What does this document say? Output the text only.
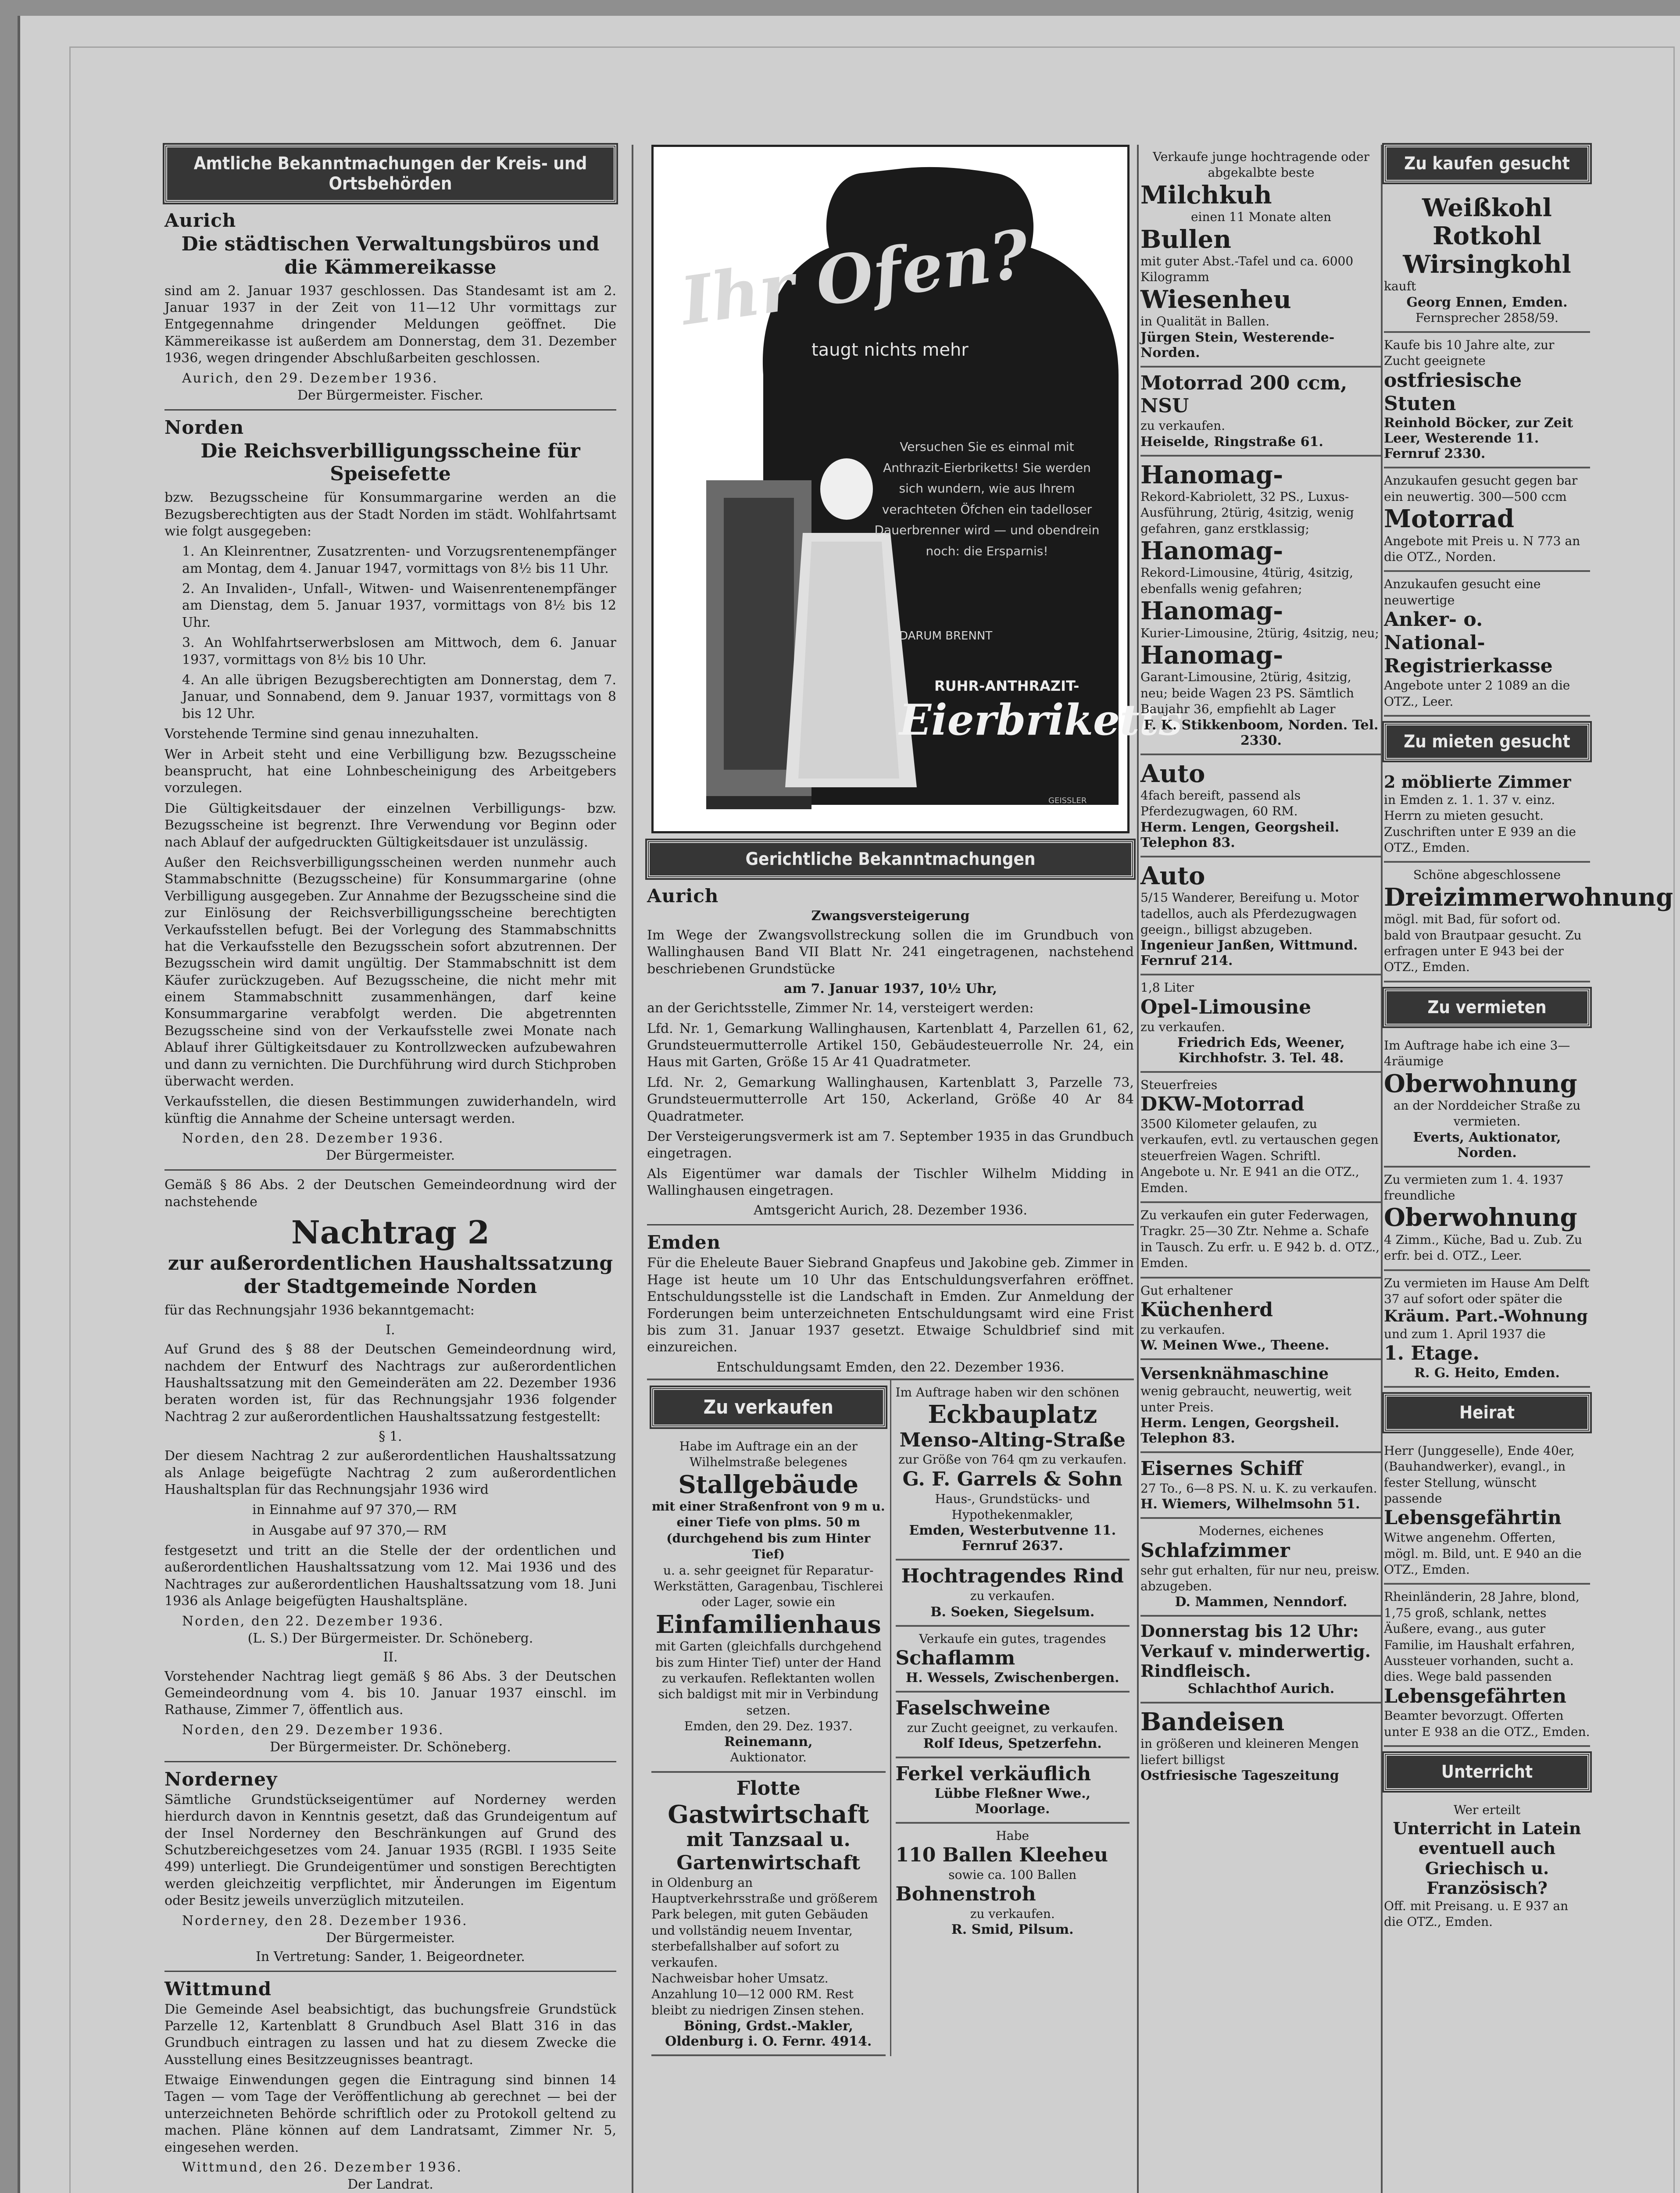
Amtliche Bekanntmachungen der Kreis- und Ortsbehörden
Aurich
Die städtischen Verwaltungsbüros und die Kämmereikasse

sind am 2. Januar 1937 geschlossen. Das Standesamt ist am 2. Januar 1937 in der Zeit von 11—12 Uhr vormittags zur Entgegennahme dringender Meldungen geöffnet. Die Kämmereikasse ist außerdem am Donnerstag, dem 31. Dezember 1936, wegen dringender Abschlußarbeiten geschlossen.

Aurich, den 29. Dezember 1936.
Der Bürgermeister. Fischer.
Norden
Die Reichsverbilligungsscheine für Speisefette

bzw. Bezugsscheine für Konsummargarine werden an die Bezugsberechtigten aus der Stadt Norden im städt. Wohlfahrtsamt wie folgt ausgegeben:

1. An Kleinrentner, Zusatzrenten- und Vorzugsrentenempfänger am Montag, dem 4. Januar 1947, vormittags von 8½ bis 11 Uhr.

2. An Invaliden-, Unfall-, Witwen- und Waisenrentenempfänger am Dienstag, dem 5. Januar 1937, vormittags von 8½ bis 12 Uhr.

3. An Wohlfahrtserwerbslosen am Mittwoch, dem 6. Januar 1937, vormittags von 8½ bis 10 Uhr.

4. An alle übrigen Bezugsberechtigten am Donnerstag, dem 7. Januar, und Sonnabend, dem 9. Januar 1937, vormittags von 8 bis 12 Uhr.

Vorstehende Termine sind genau innezuhalten.

Wer in Arbeit steht und eine Verbilligung bzw. Bezugsscheine beansprucht, hat eine Lohnbescheinigung des Arbeitgebers vorzulegen.

Die Gültigkeitsdauer der einzelnen Verbilligungs- bzw. Bezugsscheine ist begrenzt. Ihre Verwendung vor Beginn oder nach Ablauf der aufgedruckten Gültigkeitsdauer ist unzulässig.

Außer den Reichsverbilligungsscheinen werden nunmehr auch Stammabschnitte (Bezugsscheine) für Konsummargarine (ohne Verbilligung ausgegeben. Zur Annahme der Bezugsscheine sind die zur Einlösung der Reichsverbilligungsscheine berechtigten Verkaufsstellen befugt. Bei der Vorlegung des Stammabschnitts hat die Verkaufsstelle den Bezugsschein sofort abzutrennen. Der Bezugsschein wird damit ungültig. Der Stammabschnitt ist dem Käufer zurückzugeben. Auf Bezugsscheine, die nicht mehr mit einem Stammabschnitt zusammenhängen, darf keine Konsummargarine verabfolgt werden. Die abgetrennten Bezugsscheine sind von der Verkaufsstelle zwei Monate nach Ablauf ihrer Gültigkeitsdauer zu Kontrollzwecken aufzubewahren und dann zu vernichten. Die Durchführung wird durch Stichproben überwacht werden.

Verkaufsstellen, die diesen Bestimmungen zuwiderhandeln, wird künftig die Annahme der Scheine untersagt werden.

Norden, den 28. Dezember 1936.
Der Bürgermeister.

Gemäß § 86 Abs. 2 der Deutschen Gemeindeordnung wird der nachstehende

Nachtrag 2
zur außerordentlichen Haushaltssatzung der Stadtgemeinde Norden

für das Rechnungsjahr 1936 bekanntgemacht:

I.

Auf Grund des § 88 der Deutschen Gemeindeordnung wird, nachdem der Entwurf des Nachtrags zur außerordentlichen Haushaltssatzung mit den Gemeinderäten am 22. Dezember 1936 beraten worden ist, für das Rechnungsjahr 1936 folgender Nachtrag 2 zur außerordentlichen Haushaltssatzung festgestellt:

§ 1.

Der diesem Nachtrag 2 zur außerordentlichen Haushaltssatzung als Anlage beigefügte Nachtrag 2 zum außerordentlichen Haushaltsplan für das Rechnungsjahr 1936 wird

in Einnahme auf 97 370,— RM

in Ausgabe auf 97 370,— RM

festgesetzt und tritt an die Stelle der der ordentlichen und außerordentlichen Haushaltssatzung vom 12. Mai 1936 und des Nachtrages zur außerordentlichen Haushaltssatzung vom 18. Juni 1936 als Anlage beigefügten Haushaltspläne.

Norden, den 22. Dezember 1936.
(L. S.) Der Bürgermeister. Dr. Schöneberg.
II.

Vorstehender Nachtrag liegt gemäß § 86 Abs. 3 der Deutschen Gemeindeordnung vom 4. bis 10. Januar 1937 einschl. im Rathause, Zimmer 7, öffentlich aus.

Norden, den 29. Dezember 1936.
Der Bürgermeister. Dr. Schöneberg.
Norderney

Sämtliche Grundstückseigentümer auf Norderney werden hierdurch davon in Kenntnis gesetzt, daß das Grundeigentum auf der Insel Norderney den Beschränkungen auf Grund des Schutzbereichgesetzes vom 24. Januar 1935 (RGBl. I 1935 Seite 499) unterliegt. Die Grundeigentümer und sonstigen Berechtigten werden gleichzeitig verpflichtet, mir Änderungen im Eigentum oder Besitz jeweils unverzüglich mitzuteilen.

Norderney, den 28. Dezember 1936.
Der Bürgermeister.
In Vertretung: Sander, 1. Beigeordneter.
Wittmund

Die Gemeinde Asel beabsichtigt, das buchungsfreie Grundstück Parzelle 12, Kartenblatt 8 Grundbuch Asel Blatt 316 in das Grundbuch eintragen zu lassen und hat zu diesem Zwecke die Ausstellung eines Besitzzeugnisses beantragt.

Etwaige Einwendungen gegen die Eintragung sind binnen 14 Tagen — vom Tage der Veröffentlichung ab gerechnet — bei der unterzeichneten Behörde schriftlich oder zu Protokoll geltend zu machen. Pläne können auf dem Landratsamt, Zimmer Nr. 5, eingesehen werden.

Wittmund, den 26. Dezember 1936.
Der Landrat.
Ihr Ofen?
taugt nichts mehr
Versuchen Sie es einmal mit Anthrazit-Eierbriketts! Sie werden sich wundern, wie aus Ihrem verachteten Öfchen ein tadelloser Dauerbrenner wird — und obendrein noch: die Ersparnis!
DARUM BRENNT
RUHR-ANTHRAZIT-
Eierbriketts
GEISSLER
Gerichtliche Bekanntmachungen
Aurich
Zwangsversteigerung

Im Wege der Zwangsvollstreckung sollen die im Grundbuch von Wallinghausen Band VII Blatt Nr. 241 eingetragenen, nachstehend beschriebenen Grundstücke

am 7. Januar 1937, 10½ Uhr,

an der Gerichtsstelle, Zimmer Nr. 14, versteigert werden:

Lfd. Nr. 1, Gemarkung Wallinghausen, Kartenblatt 4, Parzellen 61, 62, Grundsteuermutterrolle Artikel 150, Gebäudesteuerrolle Nr. 24, ein Haus mit Garten, Größe 15 Ar 41 Quadratmeter.

Lfd. Nr. 2, Gemarkung Wallinghausen, Kartenblatt 3, Parzelle 73, Grundsteuermutterrolle Art 150, Ackerland, Größe 40 Ar 84 Quadratmeter.

Der Versteigerungsvermerk ist am 7. September 1935 in das Grundbuch eingetragen.

Als Eigentümer war damals der Tischler Wilhelm Midding in Wallinghausen eingetragen.

Amtsgericht Aurich, 28. Dezember 1936.
Emden

Für die Eheleute Bauer Siebrand Gnapfeus und Jakobine geb. Zimmer in Hage ist heute um 10 Uhr das Entschuldungsverfahren eröffnet. Entschuldungsstelle ist die Landschaft in Emden. Zur Anmeldung der Forderungen beim unterzeichneten Entschuldungsamt wird eine Frist bis zum 31. Januar 1937 gesetzt. Etwaige Schuldbrief sind mit einzureichen.

Entschuldungsamt Emden, den 22. Dezember 1936.
Zu verkaufen
Habe im Auftrage ein an der Wilhelmstraße belegenes
Stallgebäude
mit einer Straßenfront von 9 m u. einer Tiefe von plms. 50 m (durchgehend bis zum Hinter Tief)
u. a. sehr geeignet für Reparatur-Werkstätten, Garagenbau, Tischlerei oder Lager, sowie ein
Einfamilienhaus
mit Garten (gleichfalls durchgehend bis zum Hinter Tief) unter der Hand zu verkaufen. Reflektanten wollen sich baldigst mit mir in Verbindung setzen.
Emden, den 29. Dez. 1937.
Reinemann,
Auktionator.
Flotte
Gastwirtschaft
mit Tanzsaal u. Gartenwirtschaft
in Oldenburg an Hauptverkehrsstraße und größerem Park belegen, mit guten Gebäuden und vollständig neuem Inventar, sterbefallshalber auf sofort zu verkaufen.
Nachweisbar hoher Umsatz. Anzahlung 10—12 000 RM. Rest bleibt zu niedrigen Zinsen stehen.
Böning, Grdst.-Makler,
Oldenburg i. O. Fernr. 4914.
Im Auftrage haben wir den schönen
Eckbauplatz
Menso-Alting-Straße
zur Größe von 764 qm zu verkaufen.
G. F. Garrels & Sohn
Haus-, Grundstücks- und Hypothekenmakler,
Emden, Westerbutvenne 11. Fernruf 2637.
Hochtragendes Rind
zu verkaufen.
B. Soeken, Siegelsum.
Verkaufe ein gutes, tragendes
Schaflamm
H. Wessels, Zwischenbergen.
Faselschweine
zur Zucht geeignet, zu verkaufen.
Rolf Ideus, Spetzerfehn.
Ferkel verkäuflich
Lübbe Fleßner Wwe.,
Moorlage.
Habe
110 Ballen Kleeheu
sowie ca. 100 Ballen
Bohnenstroh
zu verkaufen.
R. Smid, Pilsum.
Verkaufe junge hochtragende oder abgekalbte beste
Milchkuh
einen 11 Monate alten
Bullen
mit guter Abst.-Tafel und ca. 6000 Kilogramm
Wiesenheu
in Qualität in Ballen.
Jürgen Stein, Westerende-Norden.
Motorrad 200 ccm, NSU
zu verkaufen.
Heiselde, Ringstraße 61.
Hanomag-
Rekord-Kabriolett, 32 PS., Luxus-Ausführung, 2türig, 4sitzig, wenig gefahren, ganz erstklassig;
Hanomag-
Rekord-Limousine, 4türig, 4sitzig, ebenfalls wenig gefahren;
Hanomag-
Kurier-Limousine, 2türig, 4sitzig, neu;
Hanomag-
Garant-Limousine, 2türig, 4sitzig, neu; beide Wagen 23 PS. Sämtlich Baujahr 36, empfiehlt ab Lager
F. K. Stikkenboom, Norden. Tel. 2330.
Auto
4fach bereift, passend als Pferdezugwagen, 60 RM.
Herm. Lengen, Georgsheil. Telephon 83.
Auto
5/15 Wanderer, Bereifung u. Motor tadellos, auch als Pferdezugwagen geeign., billigst abzugeben.
Ingenieur Janßen, Wittmund. Fernruf 214.
1,8 Liter
Opel-Limousine
zu verkaufen.
Friedrich Eds, Weener, Kirchhofstr. 3. Tel. 48.
Steuerfreies
DKW-Motorrad
3500 Kilometer gelaufen, zu verkaufen, evtl. zu vertauschen gegen steuerfreien Wagen. Schriftl. Angebote u. Nr. E 941 an die OTZ., Emden.
Zu verkaufen ein guter Federwagen, Tragkr. 25—30 Ztr. Nehme a. Schafe in Tausch. Zu erfr. u. E 942 b. d. OTZ., Emden.
Gut erhaltener
Küchenherd
zu verkaufen.
W. Meinen Wwe., Theene.
Versenknähmaschine
wenig gebraucht, neuwertig, weit unter Preis.
Herm. Lengen, Georgsheil. Telephon 83.
Eisernes Schiff
27 To., 6—8 PS. N. u. K. zu verkaufen.
H. Wiemers, Wilhelmsohn 51.
Modernes, eichenes
Schlafzimmer
sehr gut erhalten, für nur neu, preisw. abzugeben.
D. Mammen, Nenndorf.
Donnerstag bis 12 Uhr: Verkauf v. minderwertig. Rindfleisch.
Schlachthof Aurich.
Bandeisen
in größeren und kleineren Mengen liefert billigst
Ostfriesische Tageszeitung
Zu kaufen gesucht
Weißkohl
Rotkohl
Wirsingkohl
kauft
Georg Ennen, Emden.
Fernsprecher 2858/59.
Kaufe bis 10 Jahre alte, zur Zucht geeignete
ostfriesische Stuten
Reinhold Böcker, zur Zeit Leer, Westerende 11. Fernruf 2330.
Anzukaufen gesucht gegen bar ein neuwertig. 300—500 ccm
Motorrad
Angebote mit Preis u. N 773 an die OTZ., Norden.
Anzukaufen gesucht eine neuwertige
Anker- o. National-Registrierkasse
Angebote unter 2 1089 an die OTZ., Leer.
Zu mieten gesucht
2 möblierte Zimmer
in Emden z. 1. 1. 37 v. einz. Herrn zu mieten gesucht. Zuschriften unter E 939 an die OTZ., Emden.
Schöne abgeschlossene
Dreizimmerwohnung
mögl. mit Bad, für sofort od. bald von Brautpaar gesucht. Zu erfragen unter E 943 bei der OTZ., Emden.
Zu vermieten
Im Auftrage habe ich eine 3—4räumige
Oberwohnung
an der Norddeicher Straße zu vermieten.
Everts, Auktionator, Norden.
Zu vermieten zum 1. 4. 1937 freundliche
Oberwohnung
4 Zimm., Küche, Bad u. Zub. Zu erfr. bei d. OTZ., Leer.
Zu vermieten im Hause Am Delft 37 auf sofort oder später die
Kräum. Part.-Wohnung
und zum 1. April 1937 die
1. Etage.
R. G. Heito, Emden.
Heirat
Herr (Junggeselle), Ende 40er, (Bauhandwerker), evangl., in fester Stellung, wünscht passende
Lebensgefährtin
Witwe angenehm. Offerten, mögl. m. Bild, unt. E 940 an die OTZ., Emden.
Rheinländerin, 28 Jahre, blond, 1,75 groß, schlank, nettes Äußere, evang., aus guter Familie, im Haushalt erfahren, Aussteuer vorhanden, sucht a. dies. Wege bald passenden
Lebensgefährten
Beamter bevorzugt. Offerten unter E 938 an die OTZ., Emden.
Unterricht
Wer erteilt
Unterricht in Latein eventuell auch Griechisch u. Französisch?
Off. mit Preisang. u. E 937 an die OTZ., Emden.
